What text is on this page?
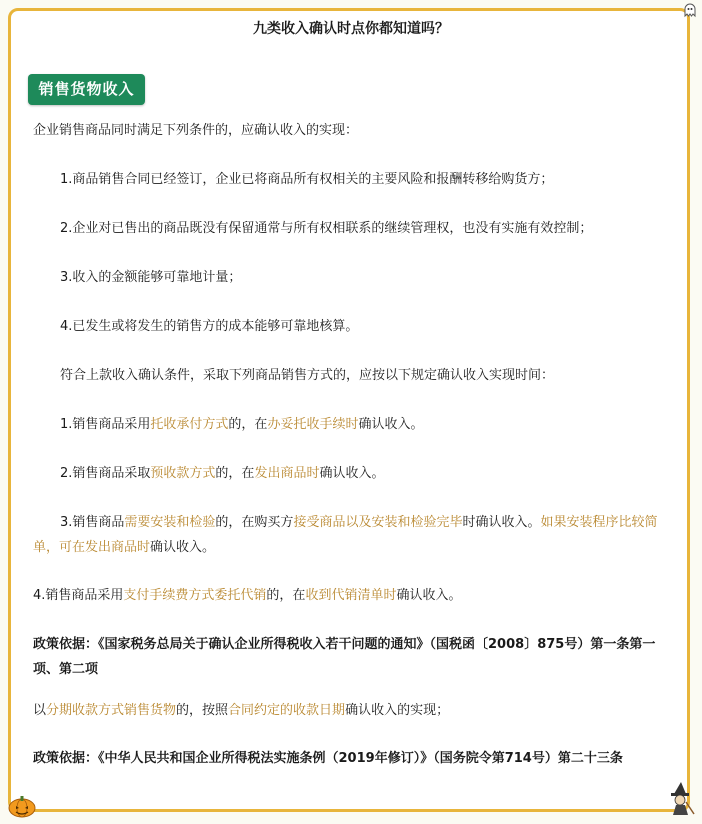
九类收入确认时点你都知道吗？
销售货物收入
企业销售商品同时满足下列条件的，应确认收入的实现：
1.商品销售合同已经签订，企业已将商品所有权相关的主要风险和报酬转移给购货方；
2.企业对已售出的商品既没有保留通常与所有权相联系的继续管理权，也没有实施有效控制；
3.收入的金额能够可靠地计量；
4.已发生或将发生的销售方的成本能够可靠地核算。
符合上款收入确认条件，采取下列商品销售方式的，应按以下规定确认收入实现时间：
1.销售商品采用托收承付方式的，在办妥托收手续时确认收入。
2.销售商品采取预收款方式的，在发出商品时确认收入。
3.销售商品需要安装和检验的，在购买方接受商品以及安装和检验完毕时确认收入。如果安装程序比较简单，可在发出商品时确认收入。
4.销售商品采用支付手续费方式委托代销的，在收到代销清单时确认收入。
政策依据：《国家税务总局关于确认企业所得税收入若干问题的通知》（国税函〔2008〕875号）第一条第一项、第二项
以分期收款方式销售货物的，按照合同约定的收款日期确认收入的实现；
政策依据：《中华人民共和国企业所得税法实施条例（2019年修订）》（国务院令第714号）第二十三条
